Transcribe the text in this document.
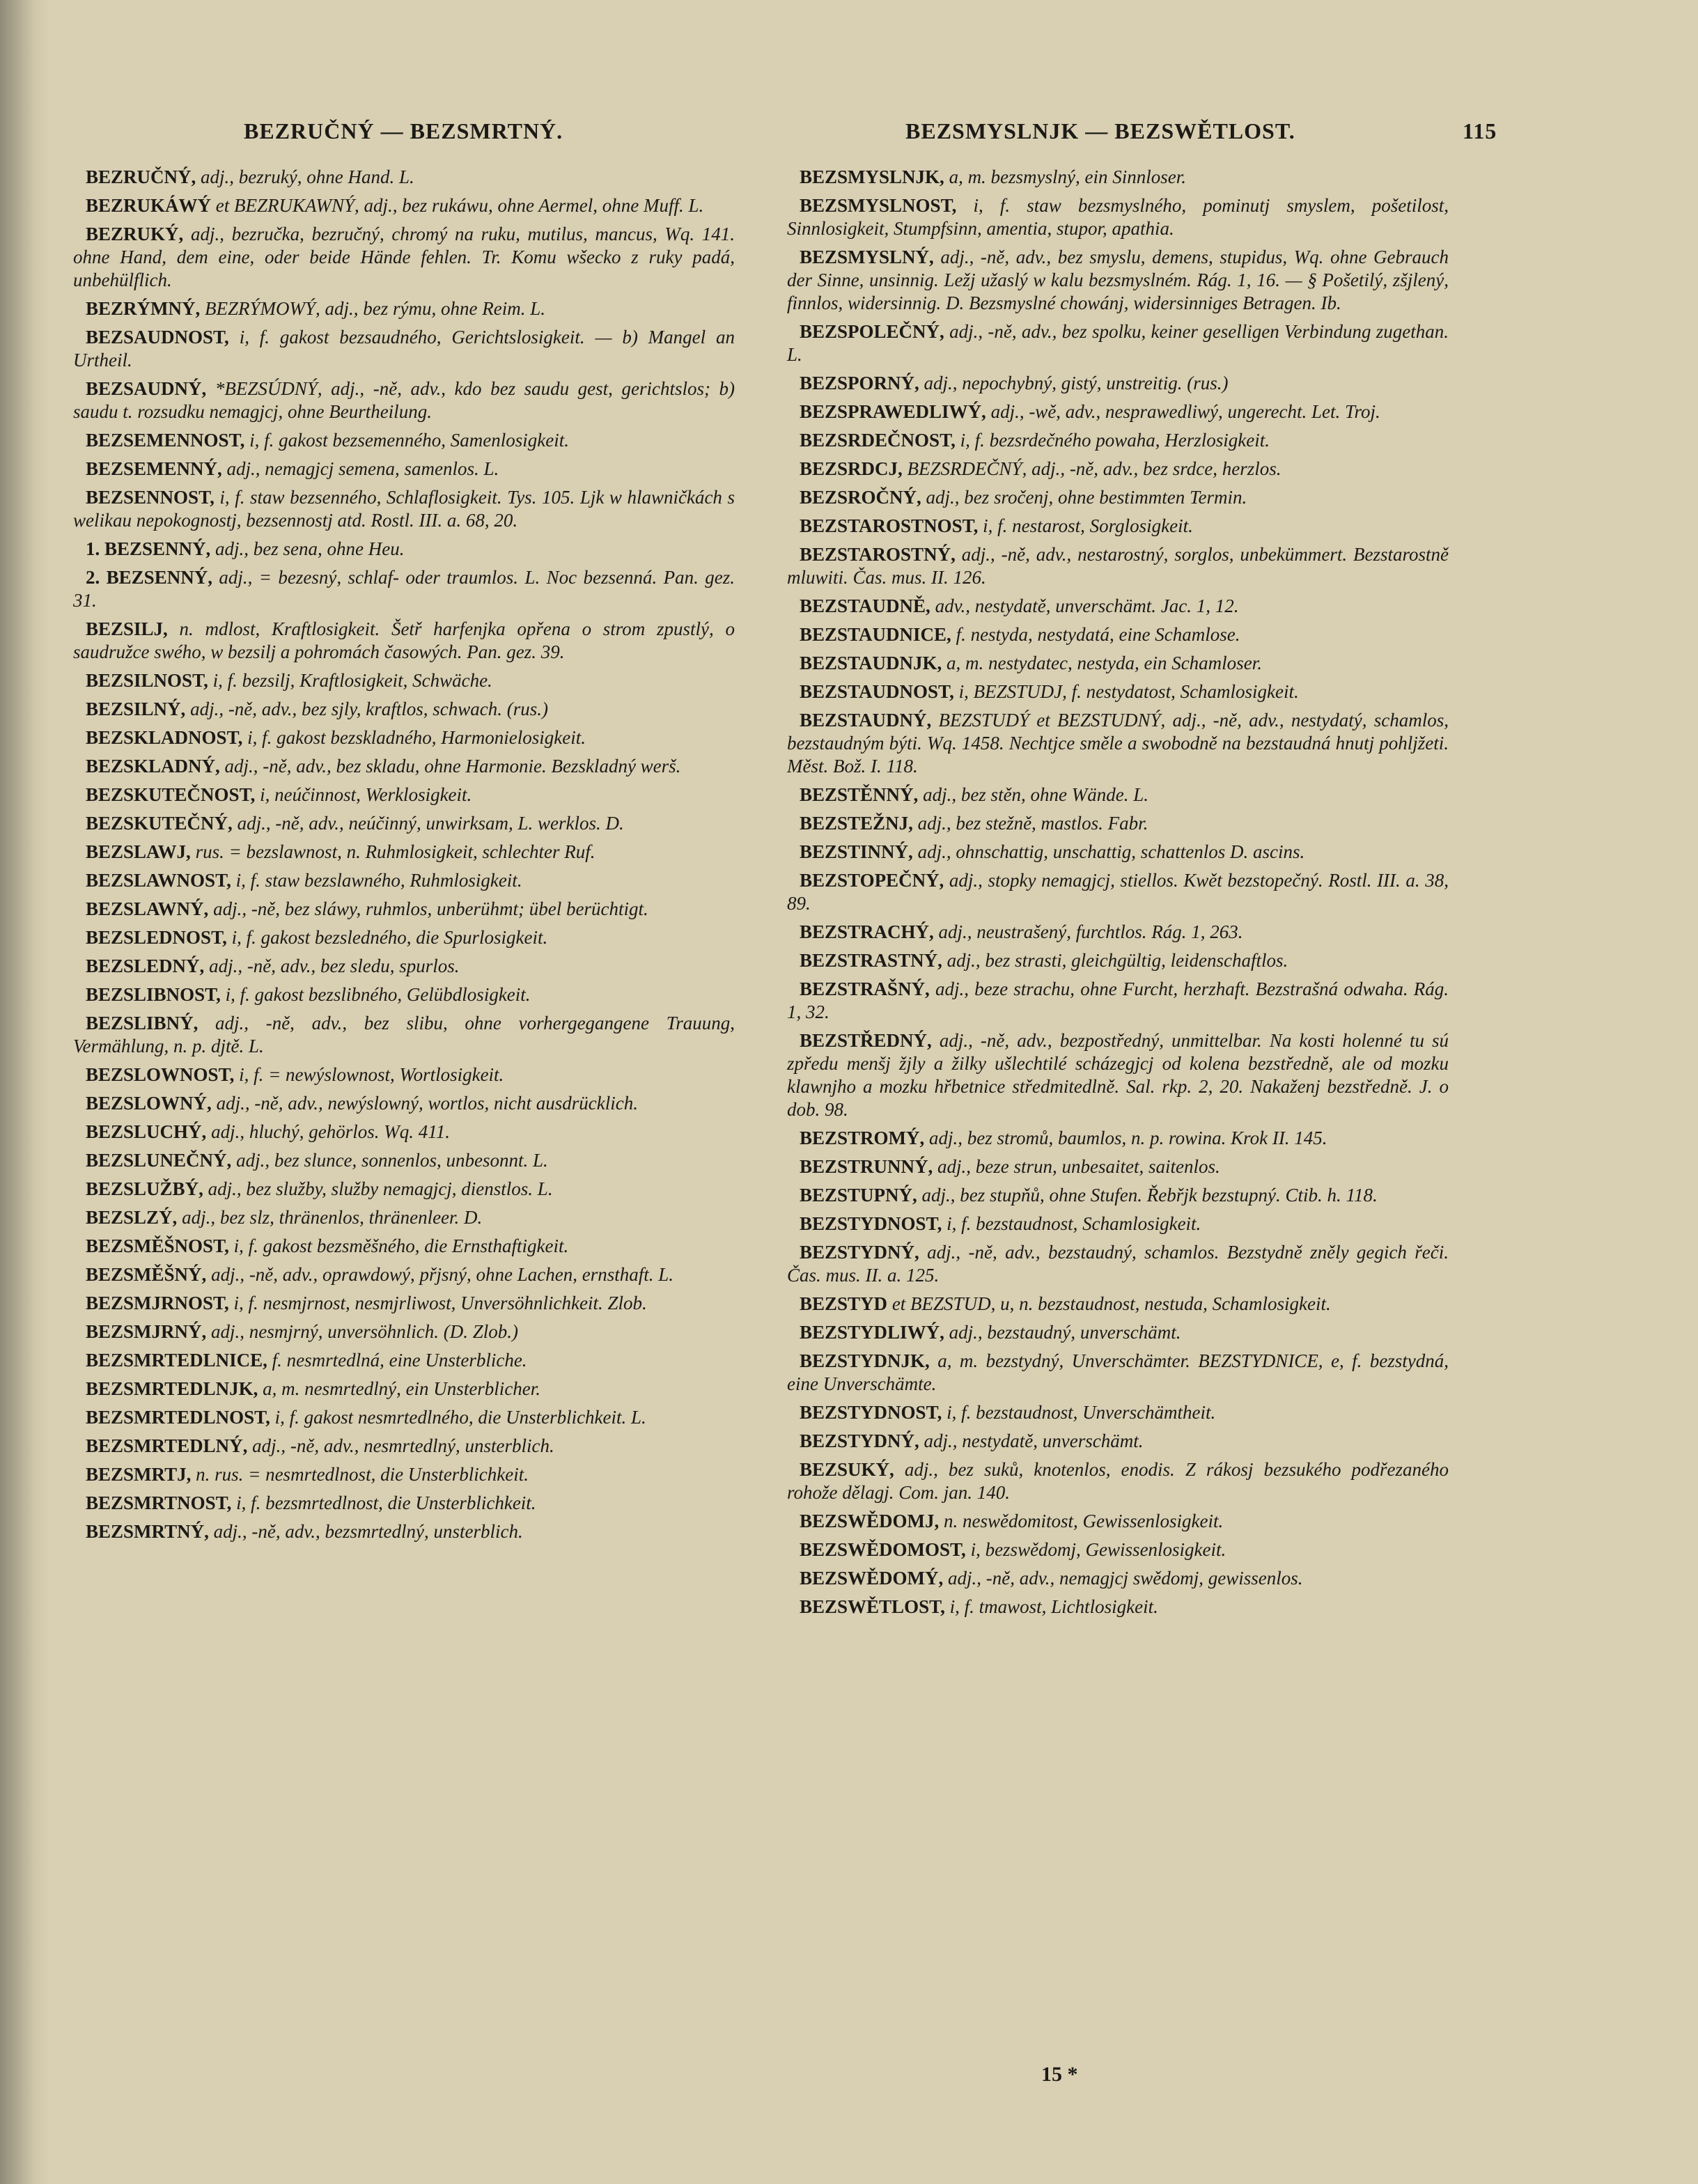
BEZRUČNÝ — BEZSMRTNÝ.	BEZSMYSLNJK — BEZSWĚTLOST.	115

BEZRUČNÝ, adj., bezruký, ohne Hand. L.

BEZRUKÁWÝ et BEZRUKAWNÝ, adj., bez rukáwu, ohne Aermel, ohne Muff. L.

BEZRUKÝ, adj., bezručka, bezručný, chromý na ruku, mutilus, mancus, Wq. 141. ohne Hand, dem eine, oder beide Hände fehlen. Tr. Komu wšecko z ruky padá, unbehülflich.

BEZRÝMNÝ, BEZRÝMOWÝ, adj., bez rýmu, ohne Reim. L.

BEZSAUDNOST, i, f. gakost bezsaudného, Gerichtslosigkeit. — b) Mangel an Urtheil.

BEZSAUDNÝ, *BEZSÚDNÝ, adj., -ně, adv., kdo bez saudu gest, gerichtslos; b) saudu t. rozsudku nemagjcj, ohne Beurtheilung.

BEZSEMENNOST, i, f. gakost bezsemenného, Samenlosigkeit.

BEZSEMENNÝ, adj., nemagjcj semena, samenlos. L.

BEZSENNOST, i, f. staw bezsenného, Schlaflosigkeit. Tys. 105. Ljk w hlawničkách s welikau nepokognostj, bezsennostj atd. Rostl. III. a. 68, 20.

1. BEZSENNÝ, adj., bez sena, ohne Heu.

2. BEZSENNÝ, adj., = bezesný, schlaf- oder traumlos. L. Noc bezsenná. Pan. gez. 31.

BEZSILJ, n. mdlost, Kraftlosigkeit. Šetř harfenjka opřena o strom zpustlý, o saudružce swého, w bezsilj a pohromách časowých. Pan. gez. 39.

BEZSILNOST, i, f. bezsilj, Kraftlosigkeit, Schwäche.

BEZSILNÝ, adj., -ně, adv., bez sjly, kraftlos, schwach. (rus.)

BEZSKLADNOST, i, f. gakost bezskladného, Harmonielosigkeit.

BEZSKLADNÝ, adj., -ně, adv., bez skladu, ohne Harmonie. Bezskladný werš.

BEZSKUTEČNOST, i, neúčinnost, Werklosigkeit.

BEZSKUTEČNÝ, adj., -ně, adv., neúčinný, unwirksam, L. werklos. D.

BEZSLAWJ, rus. = bezslawnost, n. Ruhmlosigkeit, schlechter Ruf.

BEZSLAWNOST, i, f. staw bezslawného, Ruhmlosigkeit.

BEZSLAWNÝ, adj., -ně, bez sláwy, ruhmlos, unberühmt; übel berüchtigt.

BEZSLEDNOST, i, f. gakost bezsledného, die Spurlosigkeit.

BEZSLEDNÝ, adj., -ně, adv., bez sledu, spurlos.

BEZSLIBNOST, i, f. gakost bezslibného, Gelübdlosigkeit.

BEZSLIBNÝ, adj., -ně, adv., bez slibu, ohne vorhergegangene Trauung, Vermählung, n. p. djtě. L.

BEZSLOWNOST, i, f. = newýslownost, Wortlosigkeit.

BEZSLOWNÝ, adj., -ně, adv., newýslowný, wortlos, nicht ausdrücklich.

BEZSLUCHÝ, adj., hluchý, gehörlos. Wq. 411.

BEZSLUNEČNÝ, adj., bez slunce, sonnenlos, unbesonnt. L.

BEZSLUŽBÝ, adj., bez služby, služby nemagjcj, dienstlos. L.

BEZSLZÝ, adj., bez slz, thränenlos, thränenleer. D.

BEZSMĚŠNOST, i, f. gakost bezsměšného, die Ernsthaftigkeit.

BEZSMĚŠNÝ, adj., -ně, adv., oprawdowý, přjsný, ohne Lachen, ernsthaft. L.

BEZSMJRNOST, i, f. nesmjrnost, nesmjrliwost, Unversöhnlichkeit. Zlob.

BEZSMJRNÝ, adj., nesmjrný, unversöhnlich. (D. Zlob.)

BEZSMRTEDLNICE, f. nesmrtedlná, eine Unsterbliche.

BEZSMRTEDLNJK, a, m. nesmrtedlný, ein Unsterblicher.

BEZSMRTEDLNOST, i, f. gakost nesmrtedlného, die Unsterblichkeit. L.

BEZSMRTEDLNÝ, adj., -ně, adv., nesmrtedlný, unsterblich.

BEZSMRTJ, n. rus. = nesmrtedlnost, die Unsterblichkeit.

BEZSMRTNOST, i, f. bezsmrtedlnost, die Unsterblichkeit.

BEZSMRTNÝ, adj., -ně, adv., bezsmrtedlný, unsterblich.

BEZSMYSLNJK, a, m. bezsmyslný, ein Sinnloser.

BEZSMYSLNOST, i, f. staw bezsmyslného, pominutj smyslem, pošetilost, Sinnlosigkeit, Stumpfsinn, amentia, stupor, apathia.

BEZSMYSLNÝ, adj., -ně, adv., bez smyslu, demens, stupidus, Wq. ohne Gebrauch der Sinne, unsinnig. Ležj užaslý w kalu bezsmyslném. Rág. 1, 16. — § Pošetilý, zšjlený, finnlos, widersinnig. D. Bezsmyslné chowánj, widersinniges Betragen. Ib.

BEZSPOLEČNÝ, adj., -ně, adv., bez spolku, keiner geselligen Verbindung zugethan. L.

BEZSPORNÝ, adj., nepochybný, gistý, unstreitig. (rus.)

BEZSPRAWEDLIWÝ, adj., -wě, adv., nesprawedliwý, ungerecht. Let. Troj.

BEZSRDEČNOST, i, f. bezsrdečného powaha, Herzlosigkeit.

BEZSRDCJ, BEZSRDEČNÝ, adj., -ně, adv., bez srdce, herzlos.

BEZSROČNÝ, adj., bez sročenj, ohne bestimmten Termin.

BEZSTAROSTNOST, i, f. nestarost, Sorglosigkeit.

BEZSTAROSTNÝ, adj., -ně, adv., nestarostný, sorglos, unbekümmert. Bezstarostně mluwiti. Čas. mus. II. 126.

BEZSTAUDNĚ, adv., nestydatě, unverschämt. Jac. 1, 12.

BEZSTAUDNICE, f. nestyda, nestydatá, eine Schamlose.

BEZSTAUDNJK, a, m. nestydatec, nestyda, ein Schamloser.

BEZSTAUDNOST, i, BEZSTUDJ, f. nestydatost, Schamlosigkeit.

BEZSTAUDNÝ, BEZSTUDÝ et BEZSTUDNÝ, adj., -ně, adv., nestydatý, schamlos, bezstaudným býti. Wq. 1458. Nechtjce směle a swobodně na bezstaudná hnutj pohljžeti. Měst. Bož. I. 118.

BEZSTĚNNÝ, adj., bez stěn, ohne Wände. L.

BEZSTEŽNJ, adj., bez stežně, mastlos. Fabr.

BEZSTINNÝ, adj., ohnschattig, unschattig, schattenlos D. ascins.

BEZSTOPEČNÝ, adj., stopky nemagjcj, stiellos. Kwět bezstopečný. Rostl. III. a. 38, 89.

BEZSTRACHÝ, adj., neustrašený, furchtlos. Rág. 1, 263.

BEZSTRASTNÝ, adj., bez strasti, gleichgültig, leidenschaftlos.

BEZSTRAŠNÝ, adj., beze strachu, ohne Furcht, herzhaft. Bezstrašná odwaha. Rág. 1, 32.

BEZSTŘEDNÝ, adj., -ně, adv., bezpostředný, unmittelbar. Na kosti holenné tu sú zpředu menšj žjly a žilky ušlechtilé scházegjcj od kolena bezstředně, ale od mozku klawnjho a mozku hřbetnice středmitedlně. Sal. rkp. 2, 20. Nakaženj bezstředně. J. o dob. 98.

BEZSTROMÝ, adj., bez stromů, baumlos, n. p. rowina. Krok II. 145.

BEZSTRUNNÝ, adj., beze strun, unbesaitet, saitenlos.

BEZSTUPNÝ, adj., bez stupňů, ohne Stufen. Řebřjk bezstupný. Ctib. h. 118.

BEZSTYDNOST, i, f. bezstaudnost, Schamlosigkeit.

BEZSTYDNÝ, adj., -ně, adv., bezstaudný, schamlos. Bezstydně zněly gegich řeči. Čas. mus. II. a. 125.

BEZSTYD et BEZSTUD, u, n. bezstaudnost, nestuda, Schamlosigkeit.

BEZSTYDLIWÝ, adj., bezstaudný, unverschämt.

BEZSTYDNJK, a, m. bezstydný, Unverschämter. BEZSTYDNICE, e, f. bezstydná, eine Unverschämte.

BEZSTYDNOST, i, f. bezstaudnost, Unverschämtheit.

BEZSTYDNÝ, adj., nestydatě, unverschämt.

BEZSUKÝ, adj., bez suků, knotenlos, enodis. Z rákosj bezsukého podřezaného rohože dělagj. Com. jan. 140.

BEZSWĚDOMJ, n. neswědomitost, Gewissenlosigkeit.

BEZSWĚDOMOST, i, bezswědomj, Gewissenlosigkeit.

BEZSWĚDOMÝ, adj., -ně, adv., nemagjcj swědomj, gewissenlos.

BEZSWĚTLOST, i, f. tmawost, Lichtlosigkeit.

15 *
